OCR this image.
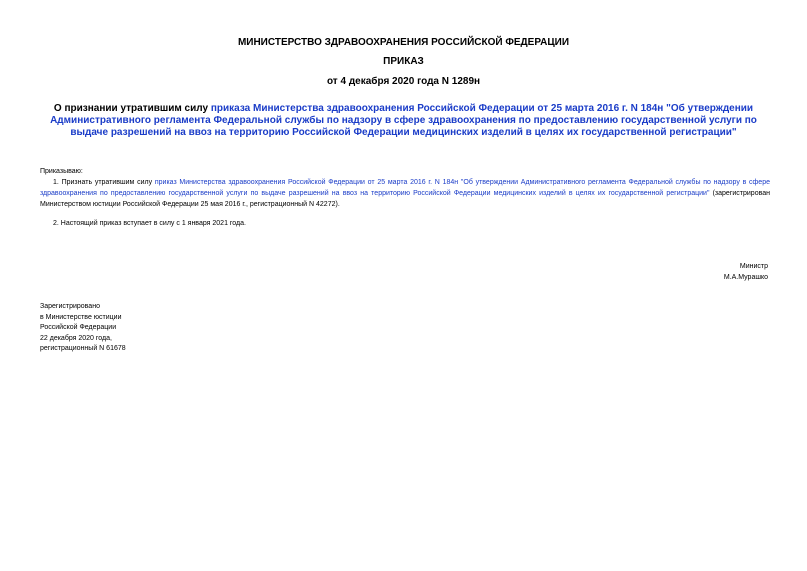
МИНИСТЕРСТВО ЗДРАВООХРАНЕНИЯ РОССИЙСКОЙ ФЕДЕРАЦИИ
ПРИКАЗ
от 4 декабря 2020 года N 1289н
О признании утратившим силу приказа Министерства здравоохранения Российской Федерации от 25 марта 2016 г. N 184н "Об утверждении Административного регламента Федеральной службы по надзору в сфере здравоохранения по предоставлению государственной услуги по выдаче разрешений на ввоз на территорию Российской Федерации медицинских изделий в целях их государственной регистрации"
Приказываю:
1. Признать утратившим силу приказ Министерства здравоохранения Российской Федерации от 25 марта 2016 г. N 184н "Об утверждении Административного регламента Федеральной службы по надзору в сфере здравоохранения по предоставлению государственной услуги по выдаче разрешений на ввоз на территорию Российской Федерации медицинских изделий в целях их государственной регистрации" (зарегистрирован Министерством юстиции Российской Федерации 25 мая 2016 г., регистрационный N 42272).
2. Настоящий приказ вступает в силу с 1 января 2021 года.
Министр
М.А.Мурашко
Зарегистрировано
в Министерстве юстиции
Российской Федерации
22 декабря 2020 года,
регистрационный N 61678
